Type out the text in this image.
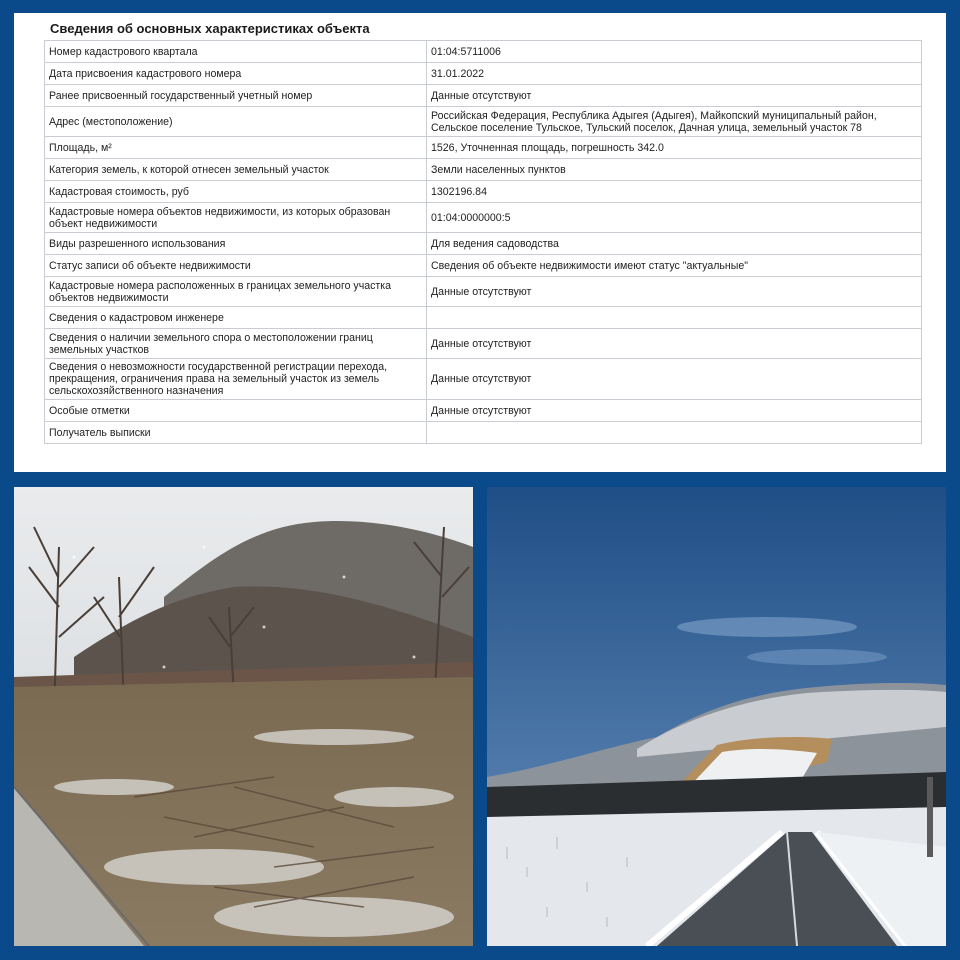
Сведения об основных характеристиках объекта
Номер кадастрового квартала	01:04:5711006
Дата присвоения кадастрового номера	31.01.2022
Ранее присвоенный государственный учетный номер	Данные отсутствуют
Адрес (местоположение)	Российская Федерация, Республика Адыгея (Адыгея), Майкопский муниципальный район, Сельское поселение Тульское, Тульский поселок, Дачная улица, земельный участок 78
Площадь, м²	1526, Уточненная площадь, погрешность 342.0
Категория земель, к которой отнесен земельный участок	Земли населенных пунктов
Кадастровая стоимость, руб	1302196.84
Кадастровые номера объектов недвижимости, из которых образован объект недвижимости	01:04:0000000:5
Виды разрешенного использования	Для ведения садоводства
Статус записи об объекте недвижимости	Сведения об объекте недвижимости имеют статус "актуальные"
Кадастровые номера расположенных в границах земельного участка объектов недвижимости	Данные отсутствуют
Сведения о кадастровом инженере	
Сведения о наличии земельного спора о местоположении границ земельных участков	Данные отсутствуют
Сведения о невозможности государственной регистрации перехода, прекращения, ограничения права на земельный участок из земель сельскохозяйственного назначения	Данные отсутствуют
Особые отметки	Данные отсутствуют
Получатель выписки	
